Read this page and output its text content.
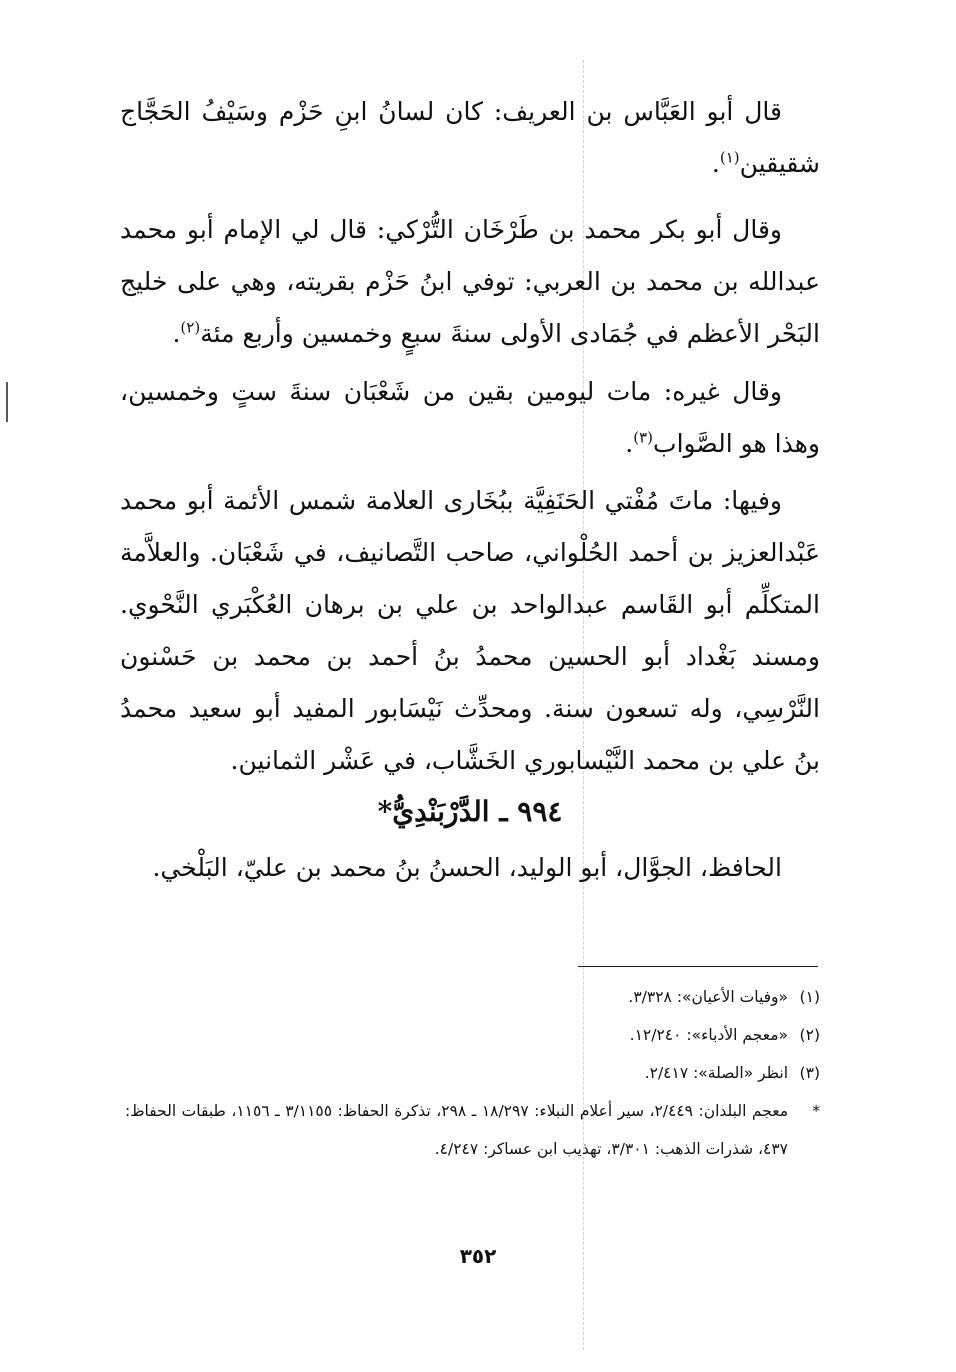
قال أبو العَبَّاس بن العريف: كان لسانُ ابنِ حَزْم وسَيْفُ الحَجَّاج شقيقين$^{(١)}$.

وقال أبو بكر محمد بن طَرْخَان التُّرْكي: قال لي الإمام أبو محمد عبدالله بن محمد بن العربي: توفي ابنُ حَزْم بقريته، وهي على خليج البَحْر الأعظم في جُمَادى الأولى سنةَ سبعٍ وخمسين وأربع مئة$^{(٢)}$.

وقال غيره: مات ليومين بقين من شَعْبَان سنةَ ستٍ وخمسين، وهذا هو الصَّواب$^{(٣)}$.

وفيها: ماتَ مُفْتي الحَنَفِيَّة ببُخَارى العلامة شمس الأئمة أبو محمد عَبْدالعزيز بن أحمد الحُلْواني، صاحب التَّصانيف، في شَعْبَان. والعلاَّمة المتكلِّم أبو القَاسم عبدالواحد بن علي بن برهان العُكْبَري النَّحْوي. ومسند بَغْداد أبو الحسين محمدُ بنُ أحمد بن محمد بن حَسْنون النَّرْسِي، وله تسعون سنة. ومحدِّث نَيْسَابور المفيد أبو سعيد محمدُ بنُ علي بن محمد النَّيْسابوري الخَشَّاب، في عَشْر الثمانين.

٩٩٤ ـ الدَّرْبَنْدِيُّ*

الحافظ، الجوَّال، أبو الوليد، الحسنُ بنُ محمد بن عليّ، البَلْخي.

(١)
«وفيات الأعيان»: ٣/٣٢٨.
(٢)
«معجم الأدباء»: ١٢/٢٤٠.
(٣)
انظر «الصلة»: ٢/٤١٧.
*
معجم البلدان: ٢/٤٤٩، سير أعلام النبلاء: ١٨/٢٩٧ ـ ٢٩٨، تذكرة الحفاظ: ٣/١١٥٥ ـ ١١٥٦، طبقات الحفاظ: ٤٣٧، شذرات الذهب: ٣/٣٠١، تهذيب ابن عساكر: ٤/٢٤٧.
٣٥٢
